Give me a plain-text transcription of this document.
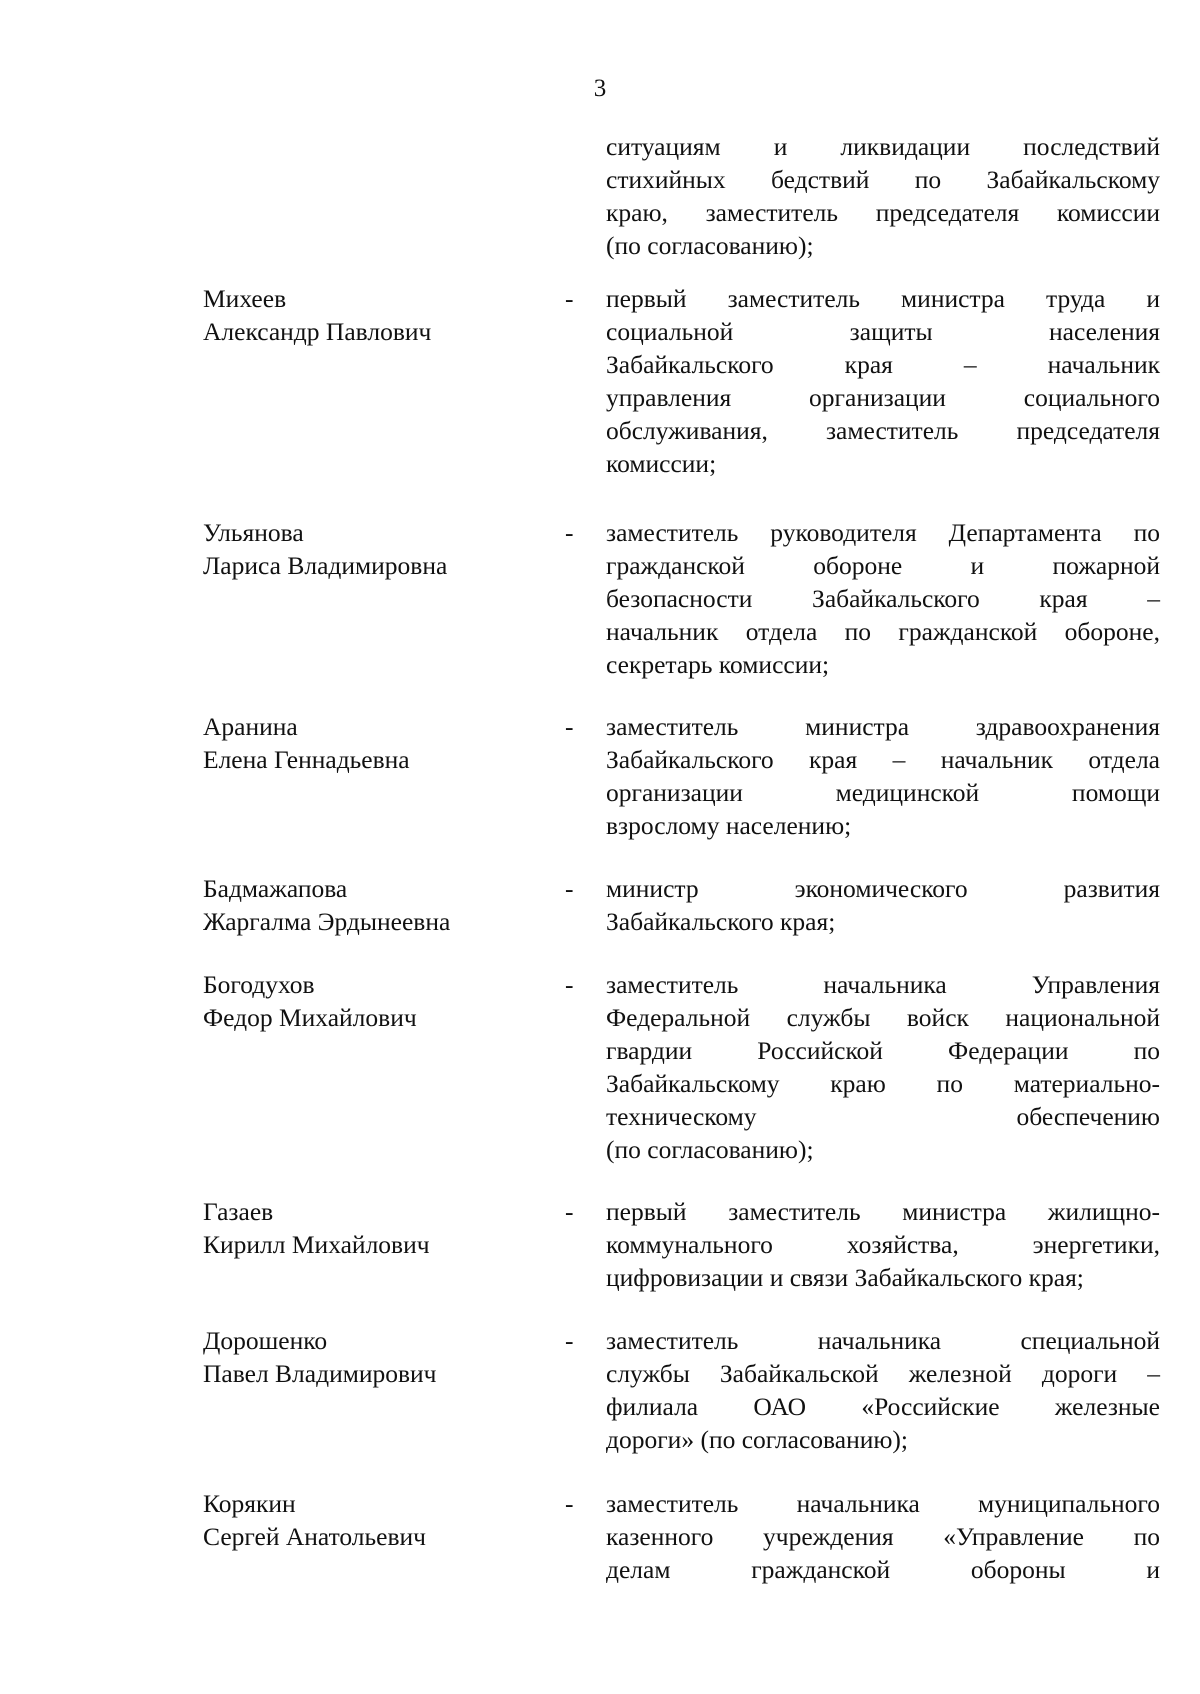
3
ситуациям и ликвидации последствий
стихийных бедствий по Забайкальскому
краю, заместитель председателя комиссии
(по согласованию);
Михеев
Александр Павлович
- первый заместитель министра труда и
социальной защиты населения
Забайкальского края – начальник
управления организации социального
обслуживания, заместитель председателя
комиссии;
Ульянова
Лариса Владимировна
- заместитель руководителя Департамента по
гражданской обороне и пожарной
безопасности Забайкальского края –
начальник отдела по гражданской обороне,
секретарь комиссии;
Аранина
Елена Геннадьевна
- заместитель министра здравоохранения
Забайкальского края – начальник отдела
организации медицинской помощи
взрослому населению;
Бадмажапова
Жаргалма Эрдынеевна
- министр экономического развития
Забайкальского края;
Богодухов
Федор Михайлович
- заместитель начальника Управления
Федеральной службы войск национальной
гвардии Российской Федерации по
Забайкальскому краю по материально-
техническому обеспечению
(по согласованию);
Газаев
Кирилл Михайлович
- первый заместитель министра жилищно-
коммунального хозяйства, энергетики,
цифровизации и связи Забайкальского края;
Дорошенко
Павел Владимирович
- заместитель начальника специальной
службы Забайкальской железной дороги –
филиала ОАО «Российские железные
дороги» (по согласованию);
Корякин
Сергей Анатольевич
- заместитель начальника муниципального
казенного учреждения «Управление по
делам гражданской обороны и
